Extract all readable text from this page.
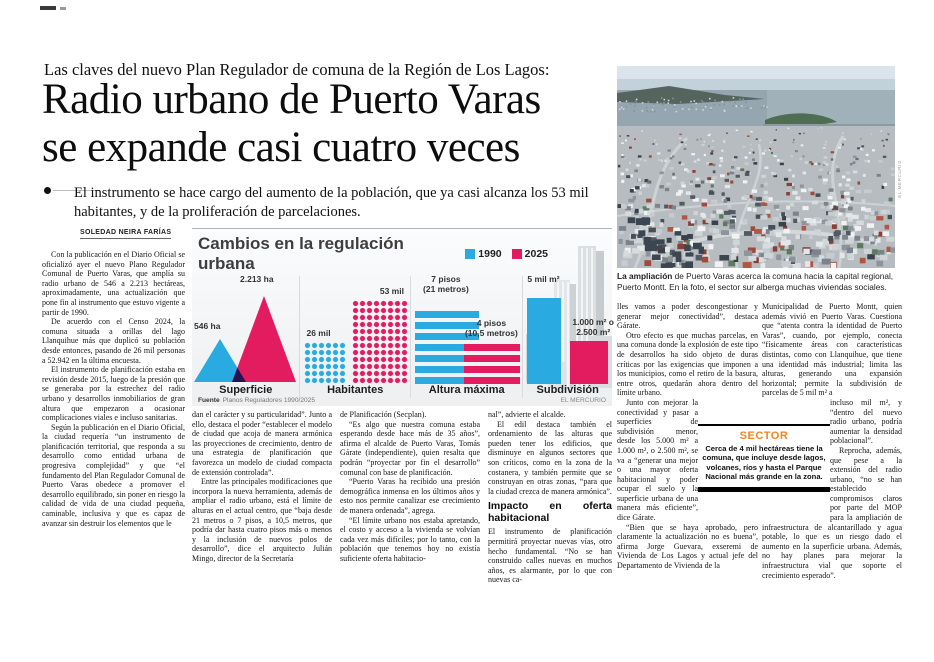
Las claves del nuevo Plan Regulador de comuna de la Región de Los Lagos:
Radio urbano de Puerto Varas
se expande casi cuatro veces

El instrumento se hace cargo del aumento de la población, que ya casi alcanza los 53 mil habitantes, y de la proliferación de parcelaciones.

SOLEDAD NEIRA FARÍAS
EL MERCURIO

La ampliación de Puerto Varas acerca la comuna hacia la capital regional, Puerto Montt. En la foto, el sector sur alberga muchas viviendas sociales.

Cambios en la regulación urbana	1990 2025
2.213 ha
546 ha
Superficie
26 mil
53 mil
Habitantes
7 pisos
(21 metros)
4 pisos
(10,5 metros)
Altura máxima
5 mil m²
1.000 m² o
2.500 m²
Subdivisión
Fuente Planos Reguladores 1990/2025	EL MERCURIO

Con la publicación en el Diario Oficial se oficializó ayer el nuevo Plano Regulador Comunal de Puerto Varas, que amplía su radio urbano de 546 a 2.213 hectáreas, aproximadamente, una actualización que pone fin al instrumento que estuvo vigente a partir de 1990.

De acuerdo con el Censo 2024, la comuna situada a orillas del lago Llanquihue más que duplicó su población desde entonces, pasando de 26 mil personas a 52.942 en la última encuesta.

El instrumento de planificación estaba en revisión desde 2015, luego de la presión que se generaba por la estrechez del radio urbano y desarrollos inmobiliarios de gran altura que empezaron a ocasionar complicaciones viales e incluso sanitarias.

Según la publicación en el Diario Oficial, la ciudad requería “un instrumento de planificación territorial, que responda a su desarrollo como entidad urbana de progresiva complejidad” y que “el fundamento del Plan Regulador Comunal de Puerto Varas obedece a promover el desarrollo equilibrado, sin poner en riesgo la calidad de vida de una ciudad pequeña, caminable, inclusiva y que es capaz de avanzar sin destruir los elementos que le

dan el carácter y su particularidad”. Junto a ello, destaca el poder “establecer el modelo de ciudad que acoja de manera armónica las proyecciones de crecimiento, dentro de una estrategia de planificación que favorezca un modelo de ciudad compacta de extensión controlada”.

Entre las principales modificaciones que incorpora la nueva herramienta, además de ampliar el radio urbano, está el límite de alturas en el actual centro, que “baja desde 21 metros o 7 pisos, a 10,5 metros, que podría dar hasta cuatro pisos más o menos y la inclusión de nuevos polos de desarrollo”, dice el arquitecto Julián Mingo, director de la Secretaría

de Planificación (Secplan).

“Es algo que nuestra comuna estaba esperando desde hace más de 35 años”, afirma el alcalde de Puerto Varas, Tomás Gárate (independiente), quien resalta que podrán “proyectar por fin el desarrollo” comunal con base de planificación.

“Puerto Varas ha recibido una presión demográfica inmensa en los últimos años y esto nos permite canalizar ese crecimiento de manera ordenada”, agrega.

“El límite urbano nos estaba apretando, el costo y acceso a la vivienda se volvían cada vez más difíciles; por lo tanto, con la población que tenemos hoy no existía suficiente oferta habitacio-

nal”, advierte el alcalde.

El edil destaca también el ordenamiento de las alturas que pueden tener los edificios, que disminuye en algunos sectores que son críticos, como en la zona de la costanera, y también permite que se construyan en otras zonas, “para que la ciudad crezca de manera armónica”.

Impacto en oferta habitacional

El instrumento de planificación permitirá proyectar nuevas vías, otro hecho fundamental. “No se han construido calles nuevas en muchos años, es alarmante, por lo que con nuevas ca-

lles vamos a poder descongestionar y generar mejor conectividad”, destaca Gárate.

Otro efecto es que muchas parcelas, en una comuna donde la explosión de este tipo de desarrollos ha sido objeto de duras críticas por las exigencias que imponen a los municipios, como el retiro de la basura, entre otros, quedarán ahora dentro del límite urbano.

Junto con mejorar la conectividad y pasar a superficies de subdivisión menor, desde los 5.000 m² a 1.000 m², o 2.500 m², se va a “generar una mejor o una mayor oferta habitacional y poder ocupar el suelo y la superficie urbana de una manera más eficiente”, dice Gárate.

“Bien que se haya aprobado, pero claramente la actualización no es buena”, afirma Jorge Guevara, exseremi de Vivienda de Los Lagos y actual jefe del Departamento de Vivienda de la

Municipalidad de Puerto Montt, quien además vivió en Puerto Varas. Cuestiona que “atenta contra la identidad de Puerto Varas”, cuando, por ejemplo, conecta “físicamente áreas con características distintas, como con Llanquihue, que tiene una identidad más industrial; limita las alturas, generando una expansión horizontal; permite la subdivisión de parcelas de 5 mil m² a

incluso mil m², y “dentro del nuevo radio urbano, podría aumentar la densidad poblacional”.

Reprocha, además, que pese a la extensión del radio urbano, “no se han establecido compromisos claros por parte del MOP para la ampliación de infraestructura de alcantarillado y agua potable, lo que es un riesgo dado el aumento en la superficie urbana. Además, no hay planes para mejorar la infraestructura vial que soporte el crecimiento esperado”.

SECTOR
Cerca de 4 mil hectáreas tiene la comuna, que incluye desde lagos, volcanes, ríos y hasta el Parque Nacional más grande en la zona.
